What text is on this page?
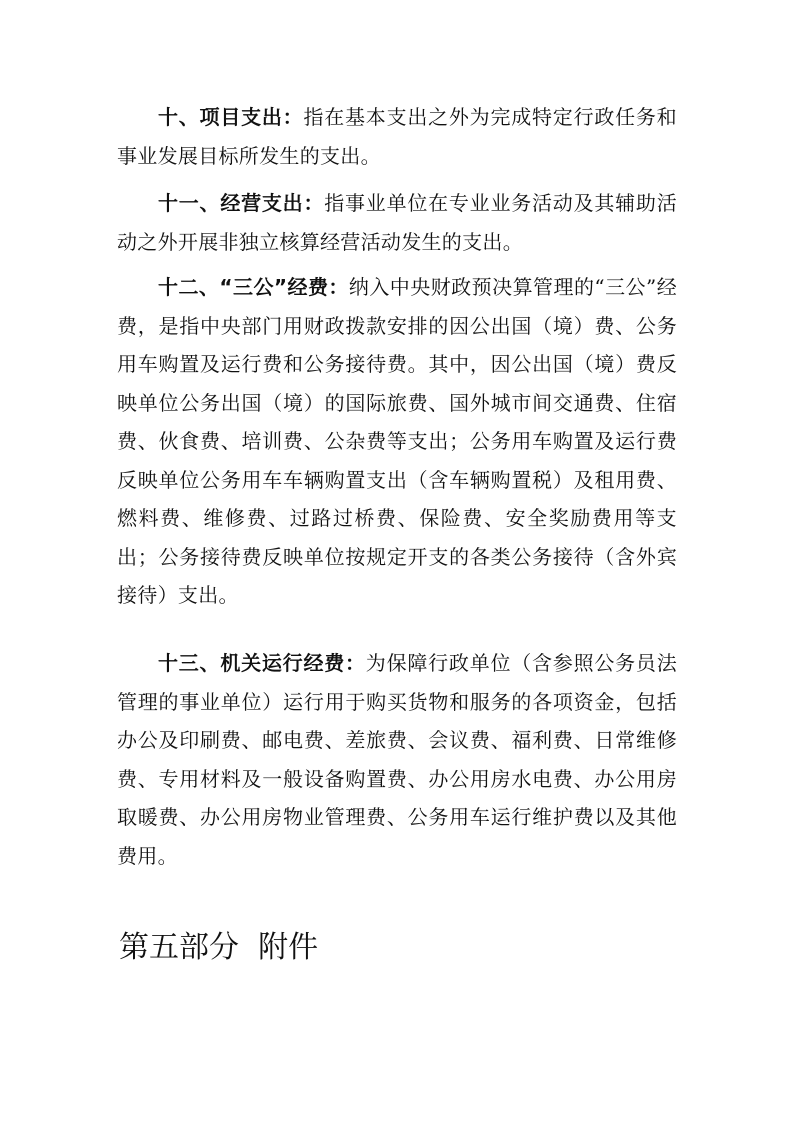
十、项目支出：指在基本支出之外为完成特定行政任务和事业发展目标所发生的支出。

十一、经营支出：指事业单位在专业业务活动及其辅助活动之外开展非独立核算经营活动发生的支出。

十二、“三公”经费：纳入中央财政预决算管理的“三公”经费，是指中央部门用财政拨款安排的因公出国（境）费、公务用车购置及运行费和公务接待费。其中，因公出国（境）费反映单位公务出国（境）的国际旅费、国外城市间交通费、住宿费、伙食费、培训费、公杂费等支出；公务用车购置及运行费反映单位公务用车车辆购置支出（含车辆购置税）及租用费、燃料费、维修费、过路过桥费、保险费、安全奖励费用等支出；公务接待费反映单位按规定开支的各类公务接待（含外宾接待）支出。

十三、机关运行经费：为保障行政单位（含参照公务员法管理的事业单位）运行用于购买货物和服务的各项资金，包括办公及印刷费、邮电费、差旅费、会议费、福利费、日常维修费、专用材料及一般设备购置费、办公用房水电费、办公用房取暖费、办公用房物业管理费、公务用车运行维护费以及其他费用。

第五部分  附件
